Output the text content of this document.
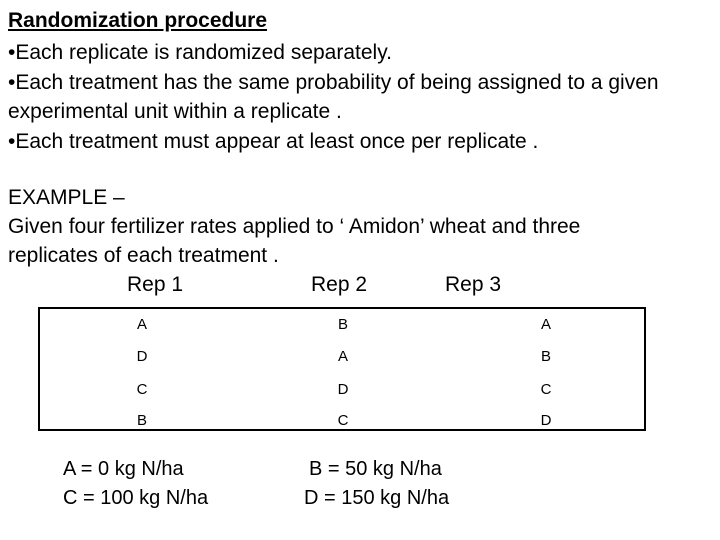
Randomization procedure
•Each replicate is randomized separately.
•Each treatment has the same probability of being assigned to a given
experimental unit within a replicate .
•Each treatment must appear at least once per replicate .
EXAMPLE –
Given four fertilizer rates applied to ‘ Amidon’ wheat and three
replicates of each treatment .
Rep 1	Rep 2	Rep 3
A	B	A
D	A	B
C	D	C
B	C	D
A = 0 kg N/ha	B = 50 kg N/ha
C = 100 kg N/ha	D = 150 kg N/ha
